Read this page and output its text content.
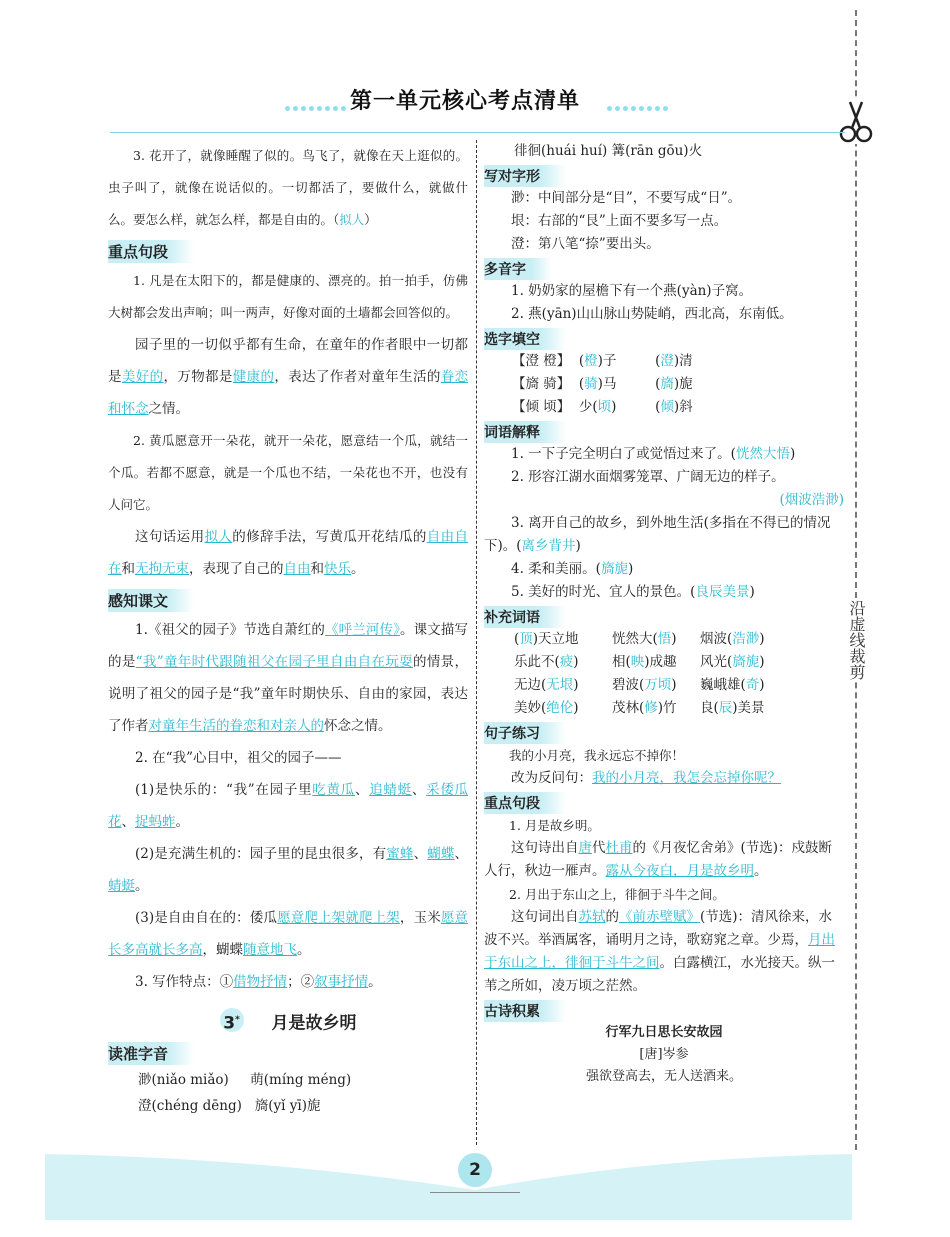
沿虚线裁剪
第一单元核心考点清单

3. 花开了，就像睡醒了似的。鸟飞了，就像在天上逛似的。虫子叫了，就像在说话似的。一切都活了，要做什么，就做什么。要怎么样，就怎么样，都是自由的。（拟人）

重点句段

1. 凡是在太阳下的，都是健康的、漂亮的。拍一拍手，仿佛大树都会发出声响；叫一两声，好像对面的土墙都会回答似的。

园子里的一切似乎都有生命，在童年的作者眼中一切都是美好的，万物都是健康的，表达了作者对童年生活的眷恋和怀念之情。

2. 黄瓜愿意开一朵花，就开一朵花，愿意结一个瓜，就结一个瓜。若都不愿意，就是一个瓜也不结，一朵花也不开，也没有人问它。

这句话运用拟人的修辞手法，写黄瓜开花结瓜的自由自在和无拘无束，表现了自己的自由和快乐。

感知课文

1.《祖父的园子》节选自萧红的《呼兰河传》。课文描写的是“我”童年时代跟随祖父在园子里自由自在玩耍的情景，说明了祖父的园子是“我”童年时期快乐、自由的家园，表达了作者对童年生活的眷恋和对亲人的怀念之情。

2. 在“我”心目中，祖父的园子——

(1)是快乐的：“我”在园子里吃黄瓜、追蜻蜓、采倭瓜花、捉蚂蚱。

(2)是充满生机的：园子里的昆虫很多，有蜜蜂、蝴蝶、蜻蜓。

(3)是自由自在的：倭瓜愿意爬上架就爬上架，玉米愿意长多高就长多高，蝴蝶随意地飞。

3. 写作特点：①借物抒情；②叙事抒情。

3* 月是故乡明
读准字音
渺(niǎo miǎo) 萌(míng méng)
澄(chéng dēng) 旖(yǐ yī)旎
徘徊(huái huí) 篝(rān gōu)火
写对字形

渺：中间部分是“目”，不要写成“日”。

垠：右部的“艮”上面不要多写一点。

澄：第八笔“捺”要出头。

多音字

1. 奶奶家的屋檐下有一个燕(yàn)子窝。

2. 燕(yān)山山脉山势陡峭，西北高，东南低。

选字填空
【澄 橙】 (橙)子	(澄)清
【旖 骑】 (骑)马	(旖)旎
【倾 顷】 少(顷)	(倾)斜
词语解释

1. 一下子完全明白了或觉悟过来了。(恍然大悟)

2. 形容江湖水面烟雾笼罩、广阔无边的样子。

(烟波浩渺)

3. 离开自己的故乡，到外地生活(多指在不得已的情况下)。(离乡背井)

4. 柔和美丽。(旖旎)

5. 美好的时光、宜人的景色。(良辰美景)

补充词语
(顶)天立地	恍然大(悟)	烟波(浩渺)
乐此不(疲)	相(映)成趣	风光(旖旎)
无边(无垠)	碧波(万顷)	巍峨雄(奇)
美妙(绝伦)	茂林(修)竹	良(辰)美景
句子练习

我的小月亮，我永远忘不掉你！

改为反问句：我的小月亮，我怎会忘掉你呢？

重点句段

1. 月是故乡明。

这句诗出自唐代杜甫的《月夜忆舍弟》(节选)：戍鼓断人行，秋边一雁声。露从今夜白，月是故乡明。

2. 月出于东山之上，徘徊于斗牛之间。

这句词出自苏轼的《前赤壁赋》(节选)：清风徐来，水波不兴。举酒属客，诵明月之诗，歌窈窕之章。少焉，月出于东山之上，徘徊于斗牛之间。白露横江，水光接天。纵一苇之所如，凌万顷之茫然。

古诗积累

行军九日思长安故园

[唐]岑参

强欲登高去，无人送酒来。

2
